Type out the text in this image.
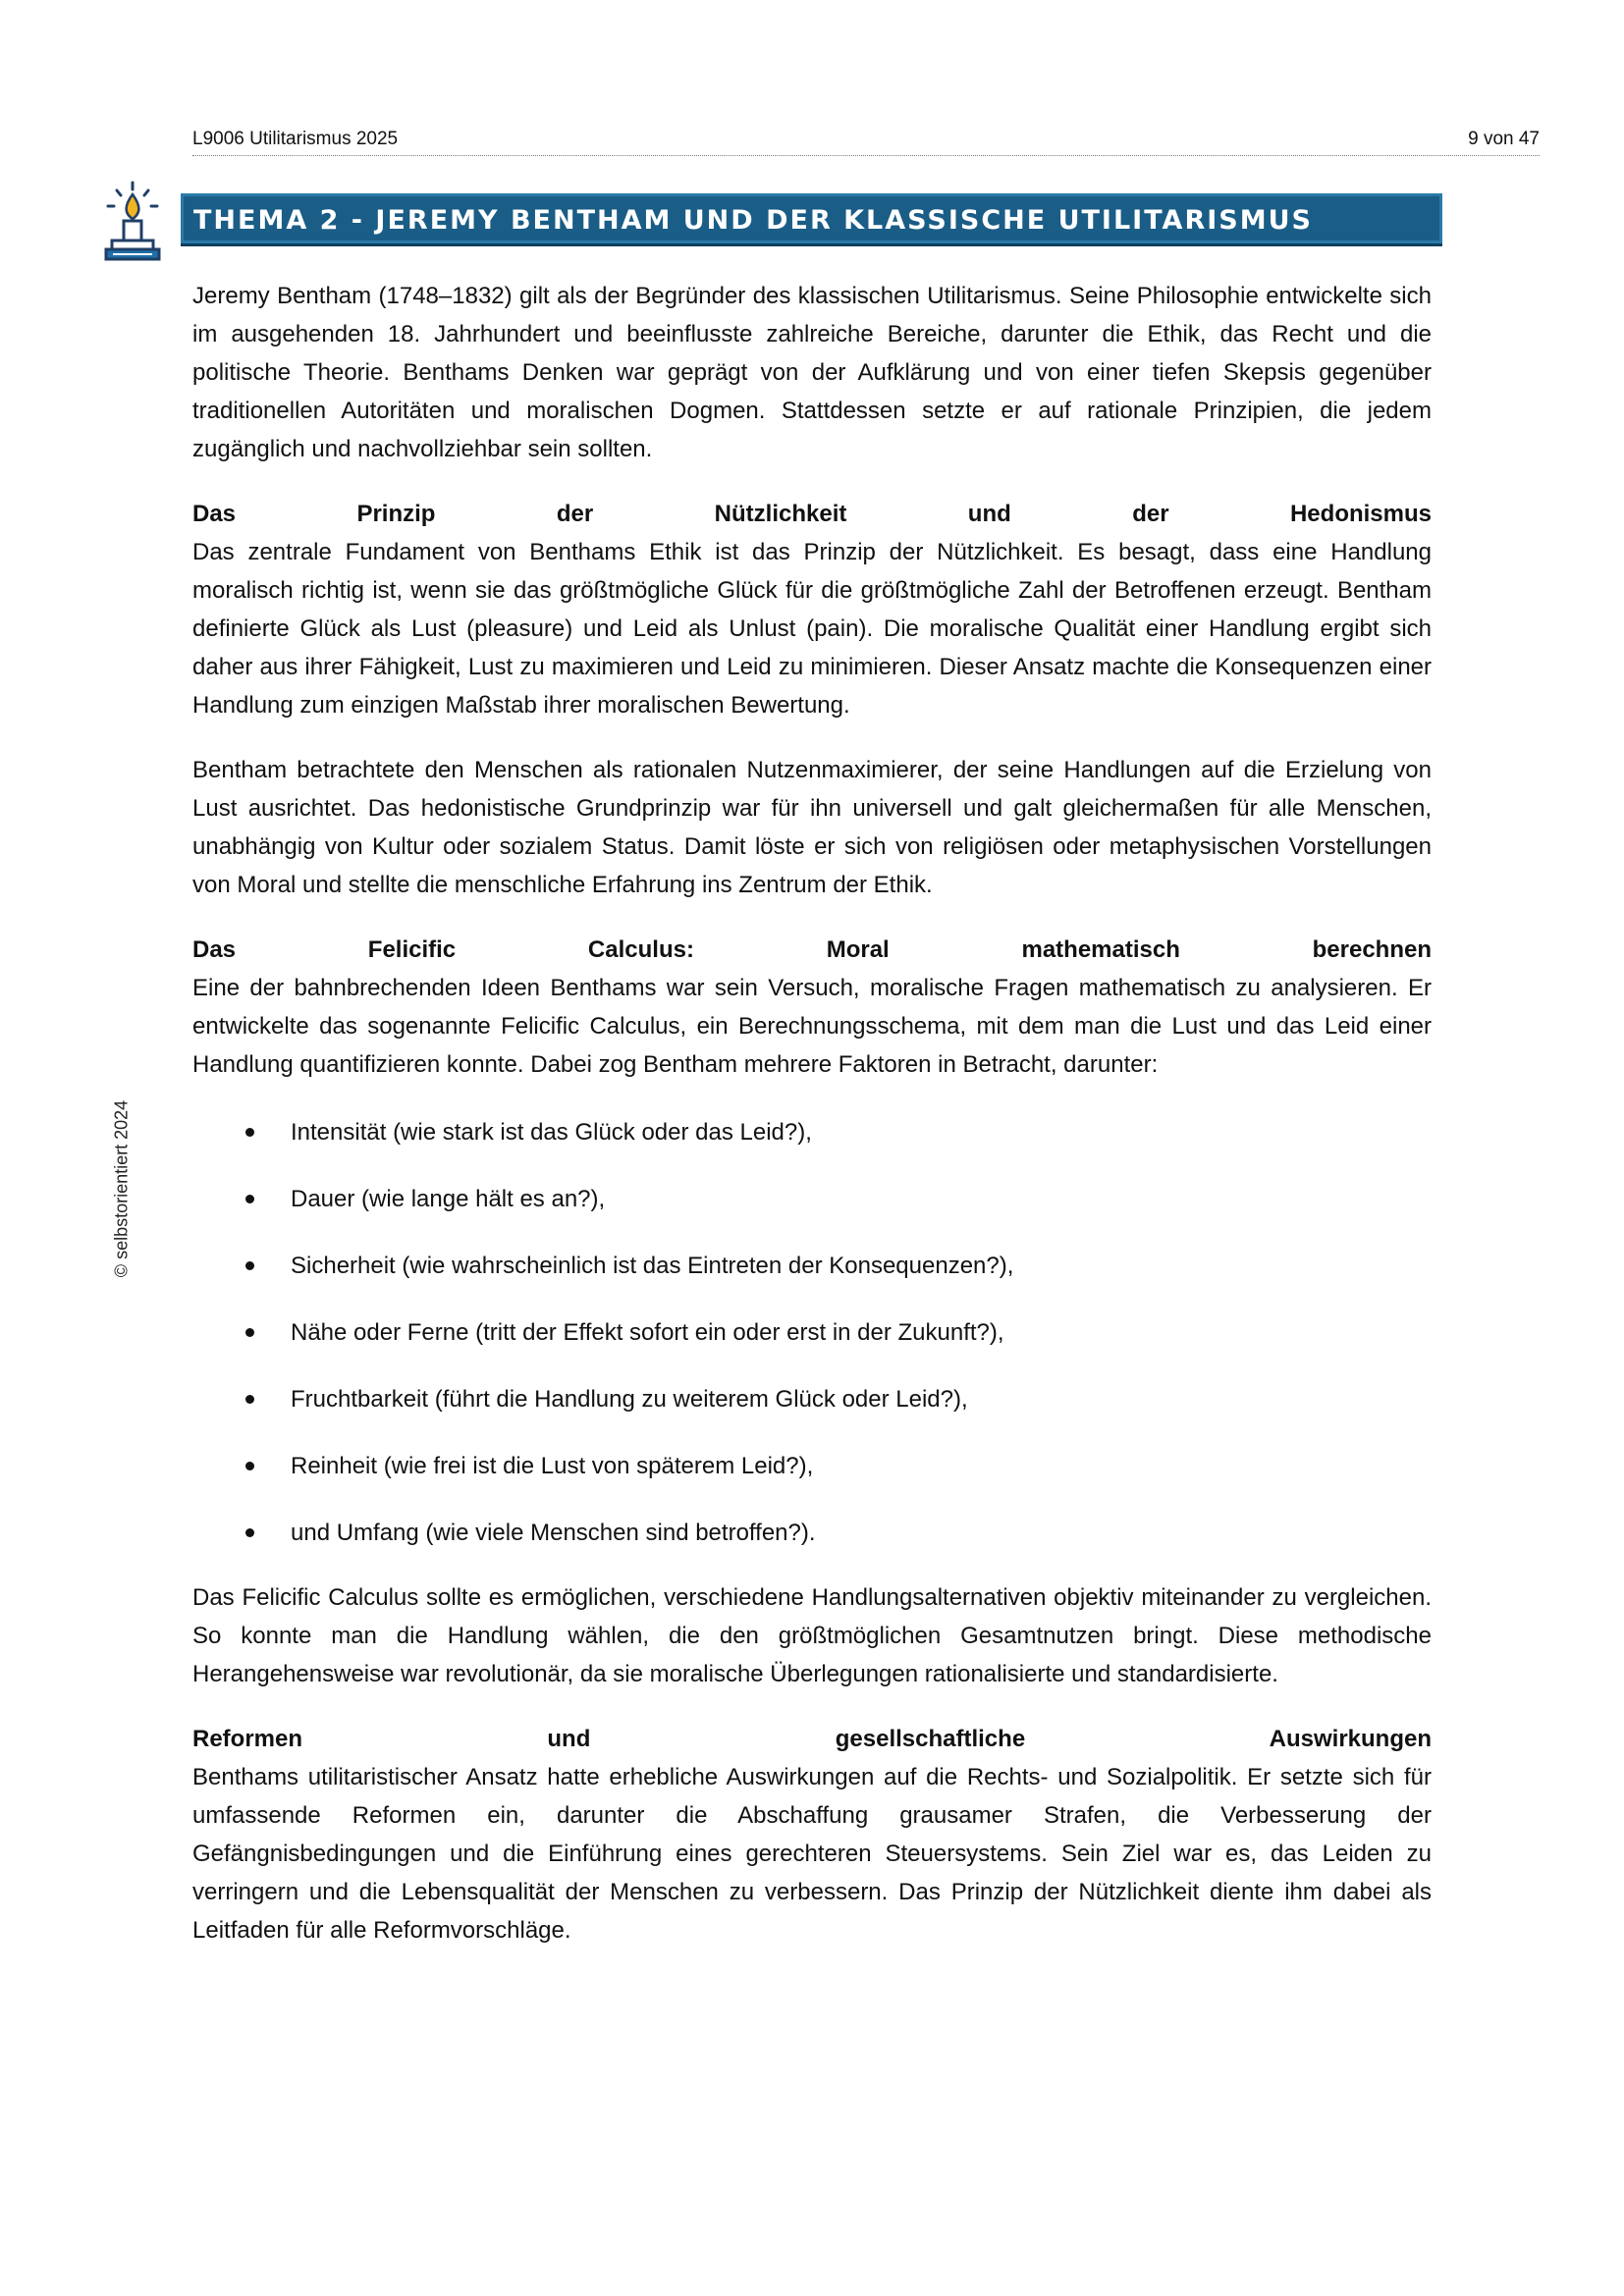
L9006 Utilitarismus 2025	9 von 47
© selbstorientiert 2024
THEMA 2 - JEREMY BENTHAM UND DER KLASSISCHE UTILITARISMUS

Jeremy Bentham (1748–1832) gilt als der Begründer des klassischen Utilitarismus. Seine Philosophie entwickelte sich im ausgehenden 18. Jahrhundert und beeinflusste zahlreiche Bereiche, darunter die Ethik, das Recht und die politische Theorie. Benthams Denken war geprägt von der Aufklärung und von einer tiefen Skepsis gegenüber traditionellen Autoritäten und moralischen Dogmen. Stattdessen setzte er auf rationale Prinzipien, die jedem zugänglich und nachvollziehbar sein sollten.

Das Prinzip der Nützlichkeit und der Hedonismus
Das zentrale Fundament von Benthams Ethik ist das Prinzip der Nützlichkeit. Es besagt, dass eine Handlung moralisch richtig ist, wenn sie das größtmögliche Glück für die größtmögliche Zahl der Betroffenen erzeugt. Bentham definierte Glück als Lust (pleasure) und Leid als Unlust (pain). Die moralische Qualität einer Handlung ergibt sich daher aus ihrer Fähigkeit, Lust zu maximieren und Leid zu minimieren. Dieser Ansatz machte die Konsequenzen einer Handlung zum einzigen Maßstab ihrer moralischen Bewertung.

Bentham betrachtete den Menschen als rationalen Nutzenmaximierer, der seine Handlungen auf die Erzielung von Lust ausrichtet. Das hedonistische Grundprinzip war für ihn universell und galt gleichermaßen für alle Menschen, unabhängig von Kultur oder sozialem Status. Damit löste er sich von religiösen oder metaphysischen Vorstellungen von Moral und stellte die menschliche Erfahrung ins Zentrum der Ethik.

Das Felicific Calculus: Moral mathematisch berechnen
Eine der bahnbrechenden Ideen Benthams war sein Versuch, moralische Fragen mathematisch zu analysieren. Er entwickelte das sogenannte Felicific Calculus, ein Berechnungsschema, mit dem man die Lust und das Leid einer Handlung quantifizieren konnte. Dabei zog Bentham mehrere Faktoren in Betracht, darunter:

Intensität (wie stark ist das Glück oder das Leid?),
Dauer (wie lange hält es an?),
Sicherheit (wie wahrscheinlich ist das Eintreten der Konsequenzen?),
Nähe oder Ferne (tritt der Effekt sofort ein oder erst in der Zukunft?),
Fruchtbarkeit (führt die Handlung zu weiterem Glück oder Leid?),
Reinheit (wie frei ist die Lust von späterem Leid?),
und Umfang (wie viele Menschen sind betroffen?).

Das Felicific Calculus sollte es ermöglichen, verschiedene Handlungsalternativen objektiv miteinander zu vergleichen. So konnte man die Handlung wählen, die den größtmöglichen Gesamtnutzen bringt. Diese methodische Herangehensweise war revolutionär, da sie moralische Überlegungen rationalisierte und standardisierte.

Reformen und gesellschaftliche Auswirkungen
Benthams utilitaristischer Ansatz hatte erhebliche Auswirkungen auf die Rechts- und Sozialpolitik. Er setzte sich für umfassende Reformen ein, darunter die Abschaffung grausamer Strafen, die Verbesserung der Gefängnisbedingungen und die Einführung eines gerechteren Steuersystems. Sein Ziel war es, das Leiden zu verringern und die Lebensqualität der Menschen zu verbessern. Das Prinzip der Nützlichkeit diente ihm dabei als Leitfaden für alle Reformvorschläge.
